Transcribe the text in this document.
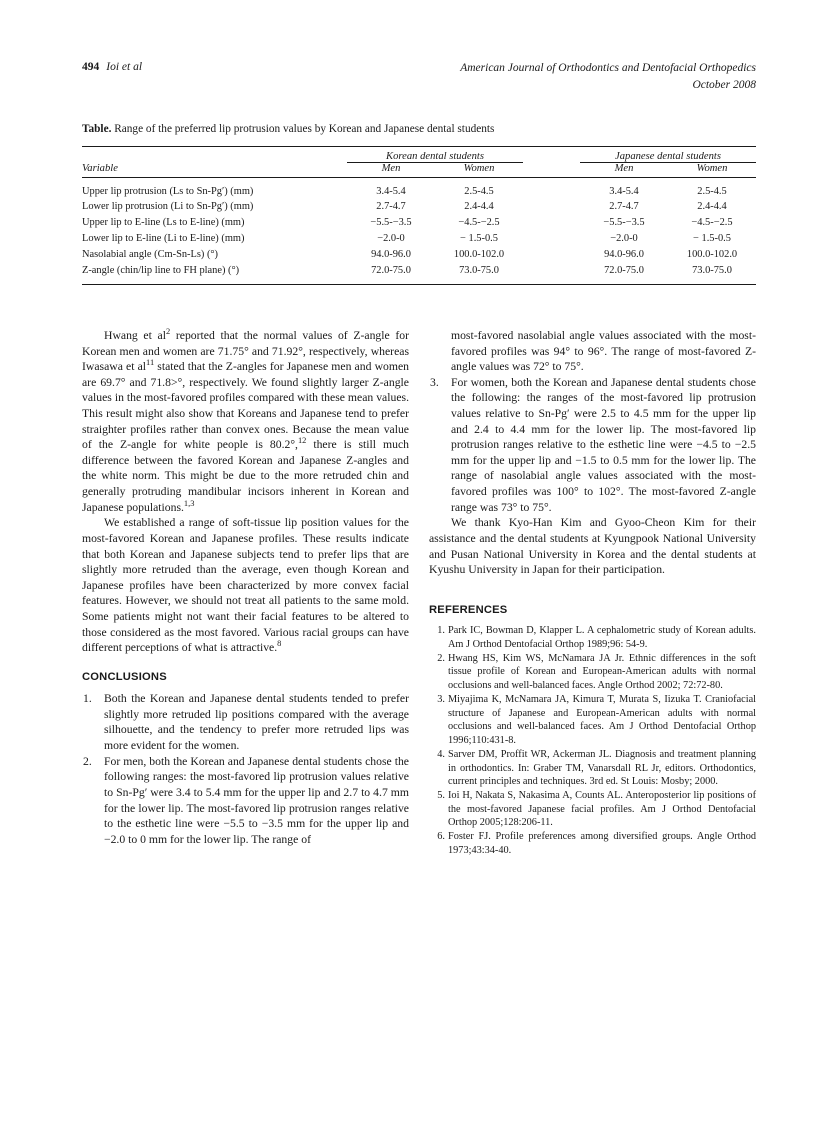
494 Ioi et al	American Journal of Orthodontics and Dentofacial Orthopedics
October 2008
Table. Range of the preferred lip protrusion values by Korean and Japanese dental students

	Korean dental students			Japanese dental students	
Variable	Men	Women		Men	Women

Upper lip protrusion (Ls to Sn-Pg′) (mm)	3.4-5.4	2.5-4.5		3.4-5.4	2.5-4.5
Lower lip protrusion (Li to Sn-Pg′) (mm)	2.7-4.7	2.4-4.4		2.7-4.7	2.4-4.4
Upper lip to E-line (Ls to E-line) (mm)	−5.5-−3.5	−4.5-−2.5		−5.5-−3.5	−4.5-−2.5
Lower lip to E-line (Li to E-line) (mm)	−2.0-0	− 1.5-0.5		−2.0-0	− 1.5-0.5
Nasolabial angle (Cm-Sn-Ls) (°)	94.0-96.0	100.0-102.0		94.0-96.0	100.0-102.0
Z-angle (chin/lip line to FH plane) (°)	72.0-75.0	73.0-75.0		72.0-75.0	73.0-75.0

Hwang et $al^2$ reported that the normal values of Z-angle for Korean men and women are 71.75° and 71.92°, respectively, whereas Iwasawa et $al^{11}$ stated that the Z-angles for Japanese men and women are 69.7° and 71.8>°, respectively. We found slightly larger Z-angle values in the most-favored profiles compared with these mean values. This result might also show that Koreans and Japanese tend to prefer straighter profiles rather than convex ones. Because the mean value of the Z-angle for white people is 80.2°,$^{12}$ there is still much difference between the favored Korean and Japanese Z-angles and the white norm. This might be due to the more retruded chin and generally protruding mandibular incisors inherent in Korean and Japanese populations.$^{1,3}$

We established a range of soft-tissue lip position values for the most-favored Korean and Japanese profiles. These results indicate that both Korean and Japanese subjects tend to prefer lips that are slightly more retruded than the average, even though Korean and Japanese profiles have been characterized by more convex facial features. However, we should not treat all patients to the same mold. Some patients might not want their facial features to be altered to those considered as the most favored. Various racial groups can have different perceptions of what is attractive.$^8$

CONCLUSIONS
1.	Both the Korean and Japanese dental students tended to prefer slightly more retruded lip positions compared with the average silhouette, and the tendency to prefer more retruded lips was more evident for the women.
2.	For men, both the Korean and Japanese dental students chose the following ranges: the most-favored lip protrusion values relative to Sn-Pg′ were 3.4 to 5.4 mm for the upper lip and 2.7 to 4.7 mm for the lower lip. The most-favored lip protrusion ranges relative to the esthetic line were −5.5 to −3.5 mm for the upper lip and −2.0 to 0 mm for the lower lip. The range of
most-favored nasolabial angle values associated with the most-favored profiles was 94° to 96°. The range of most-favored Z-angle values was 72° to 75°.
3.	For women, both the Korean and Japanese dental students chose the following: the ranges of the most-favored lip protrusion values relative to Sn-Pg′ were 2.5 to 4.5 mm for the upper lip and 2.4 to 4.4 mm for the lower lip. The most-favored lip protrusion ranges relative to the esthetic line were −4.5 to −2.5 mm for the upper lip and −1.5 to 0.5 mm for the lower lip. The range of nasolabial angle values associated with the most-favored profiles was 100° to 102°. The most-favored Z-angle range was 73° to 75°.

We thank Kyo-Han Kim and Gyoo-Cheon Kim for their assistance and the dental students at Kyungpook National University and Pusan National University in Korea and the dental students at Kyushu University in Japan for their participation.

REFERENCES
1. Park IC, Bowman D, Klapper L. A cephalometric study of Korean adults. Am J Orthod Dentofacial Orthop 1989;96: 54-9.
2. Hwang HS, Kim WS, McNamara JA Jr. Ethnic differences in the soft tissue profile of Korean and European-American adults with normal occlusions and well-balanced faces. Angle Orthod 2002; 72:72-80.
3. Miyajima K, McNamara JA, Kimura T, Murata S, Iizuka T. Craniofacial structure of Japanese and European-American adults with normal occlusions and well-balanced faces. Am J Orthod Dentofacial Orthop 1996;110:431-8.
4. Sarver DM, Proffit WR, Ackerman JL. Diagnosis and treatment planning in orthodontics. In: Graber TM, Vanarsdall RL Jr, editors. Orthodontics, current principles and techniques. 3rd ed. St Louis: Mosby; 2000.
5. Ioi H, Nakata S, Nakasima A, Counts AL. Anteroposterior lip positions of the most-favored Japanese facial profiles. Am J Orthod Dentofacial Orthop 2005;128:206-11.
6. Foster FJ. Profile preferences among diversified groups. Angle Orthod 1973;43:34-40.
